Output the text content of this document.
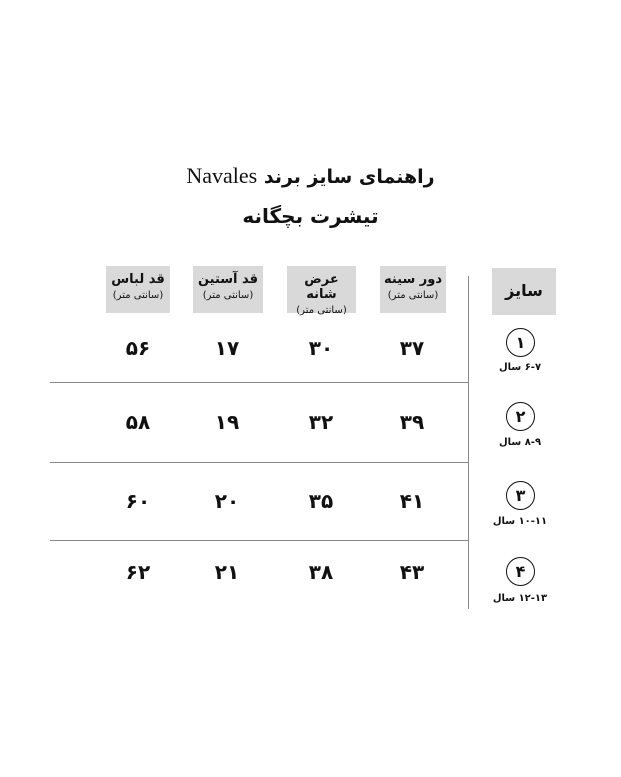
راهنمای سایز برند Navales
تیشرت بچگانه
سایز
دور سینه
(سانتی متر)
عرض شانه
(سانتی متر)
قد آستین
(سانتی متر)
قد لباس
(سانتی متر)
۱
۶-۷ سال
۳۷
۳۰
۱۷
۵۶
۲
۸-۹ سال
۳۹
۳۲
۱۹
۵۸
۳
۱۰-۱۱ سال
۴۱
۳۵
۲۰
۶۰
۴
۱۲-۱۳ سال
۴۳
۳۸
۲۱
۶۲
